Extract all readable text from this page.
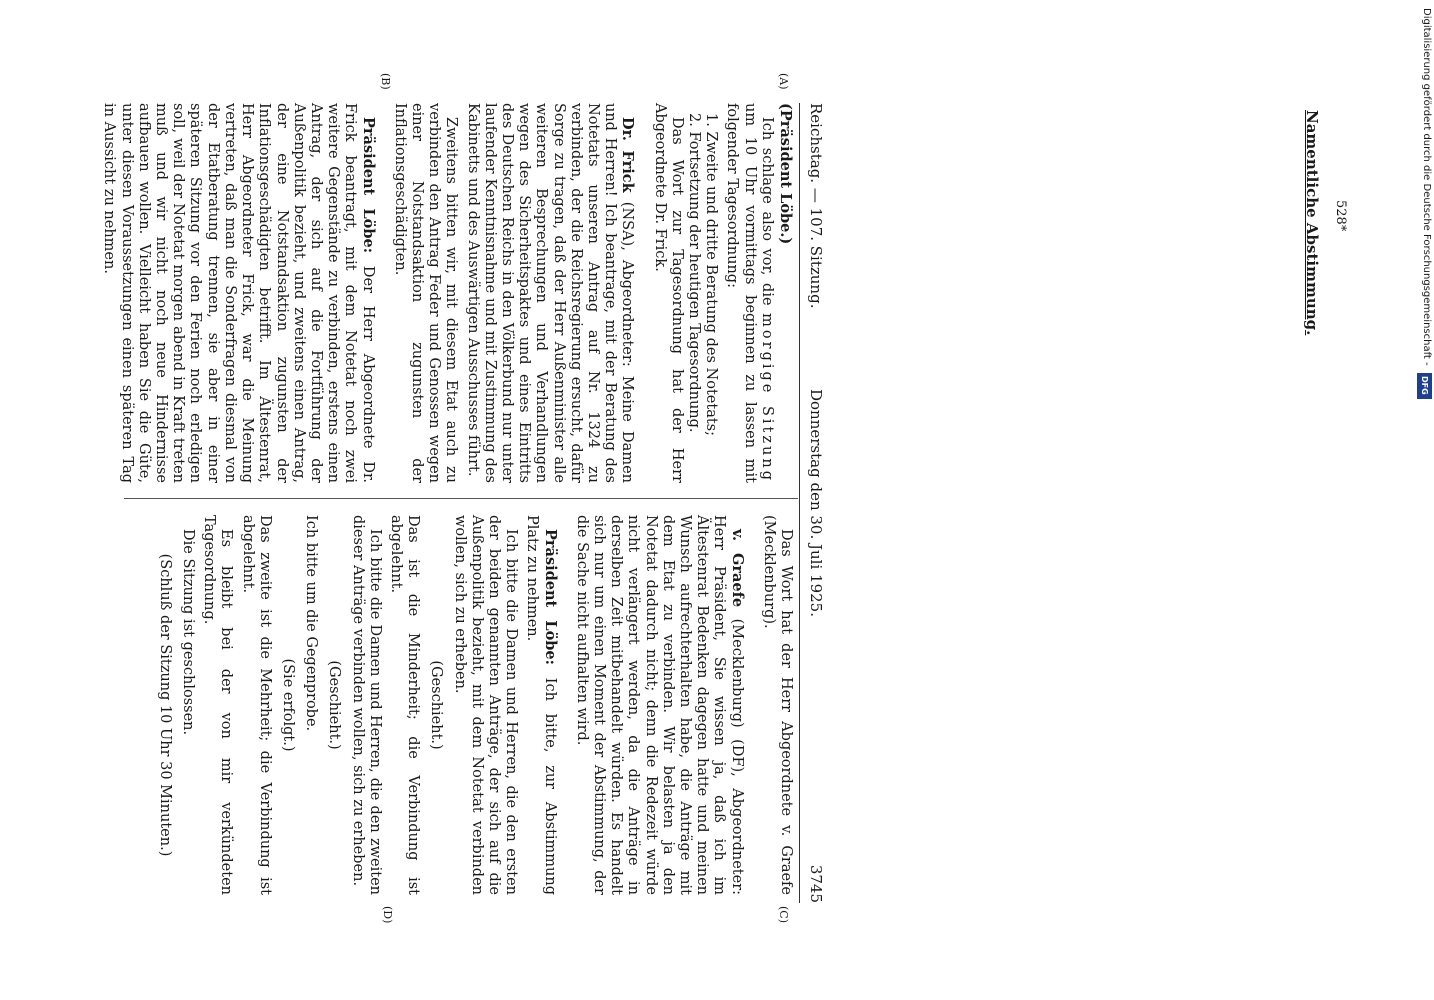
Reichstag. — 107. Sitzung.
Donnerstag den 30. Juli 1925.
3745
(A)
(B)
(C)
(D)
(Präsident Löbe.)

Ich schlage also vor, die morgige Sitzung um 10 Uhr vormittags beginnen zu lassen mit folgender Tagesordnung:

1. Zweite und dritte Beratung des Notetats;

2. Fortsetzung der heutigen Tagesordnung.

Das Wort zur Tagesordnung hat der Herr Abgeordnete Dr. Frick.

Dr. Frick (NSA), Abgeordneter: Meine Damen und Herren! Ich beantrage, mit der Beratung des Notetats unseren Antrag auf Nr. 1324 zu verbinden, der die Reichsregierung ersucht, dafür Sorge zu tragen, daß der Herr Außenminister alle weiteren Besprechungen und Verhandlungen wegen des Sicherheitspaktes und eines Eintritts des Deutschen Reichs in den Völkerbund nur unter laufender Kenntnisnahme und mit Zustimmung des Kabinetts und des Auswärtigen Ausschusses führt.

Zweitens bitten wir, mit diesem Etat auch zu verbinden den Antrag Feder und Genossen wegen einer Notstandsaktion zugunsten der Inflationsgeschädigten.

Präsident Löbe: Der Herr Abgeordnete Dr. Frick beantragt, mit dem Notetat noch zwei weitere Gegenstände zu verbinden, erstens einen Antrag, der sich auf die Fortführung der Außenpolitik bezieht, und zweitens einen Antrag, der eine Notstandsaktion zugunsten der Inflationsgeschädigten betrifft. Im Ältestenrat, Herr Abgeordneter Frick, war die Meinung vertreten, daß man die Sonderfragen diesmal von der Etatberatung trennen, sie aber in einer späteren Sitzung vor den Ferien noch erledigen soll, weil der Notetat morgen abend in Kraft treten muß und wir nicht noch neue Hindernisse aufbauen wollen. Vielleicht haben Sie die Güte, unter diesen Voraussetzungen einen späteren Tag in Aussicht zu nehmen.

Das Wort hat der Herr Abgeordnete v. Graefe (Mecklenburg).

v. Graefe (Mecklenburg) (DF), Abgeordneter: Herr Präsident, Sie wissen ja, daß ich im Ältestenrat Bedenken dagegen hatte und meinen Wunsch aufrechterhalten habe, die Anträge mit dem Etat zu verbinden. Wir belasten ja den Notetat dadurch nicht; denn die Redezeit würde nicht verlängert werden, da die Anträge in derselben Zeit mitbehandelt würden. Es handelt sich nur um einen Moment der Abstimmung, der die Sache nicht aufhalten wird.

Präsident Löbe: Ich bitte, zur Abstimmung Platz zu nehmen.

Ich bitte die Damen und Herren, die den ersten der beiden genannten Anträge, der sich auf die Außenpolitik bezieht, mit dem Notetat verbinden wollen, sich zu erheben.

(Geschieht.)

Das ist die Minderheit; die Verbindung ist abgelehnt.

Ich bitte die Damen und Herren, die den zweiten dieser Anträge verbinden wollen, sich zu erheben.

(Geschieht.)

Ich bitte um die Gegenprobe.

(Sie erfolgt.)

Das zweite ist die Mehrheit; die Verbindung ist abgelehnt.

Es bleibt bei der von mir verkündeten Tagesordnung.

Die Sitzung ist geschlossen.

(Schluß der Sitzung 10 Uhr 30 Minuten.)

Namentliche Abstimmung. 528*	Digitalisierung gefördert durch die Deutsche Forschungsgemeinschaft -
DFG
